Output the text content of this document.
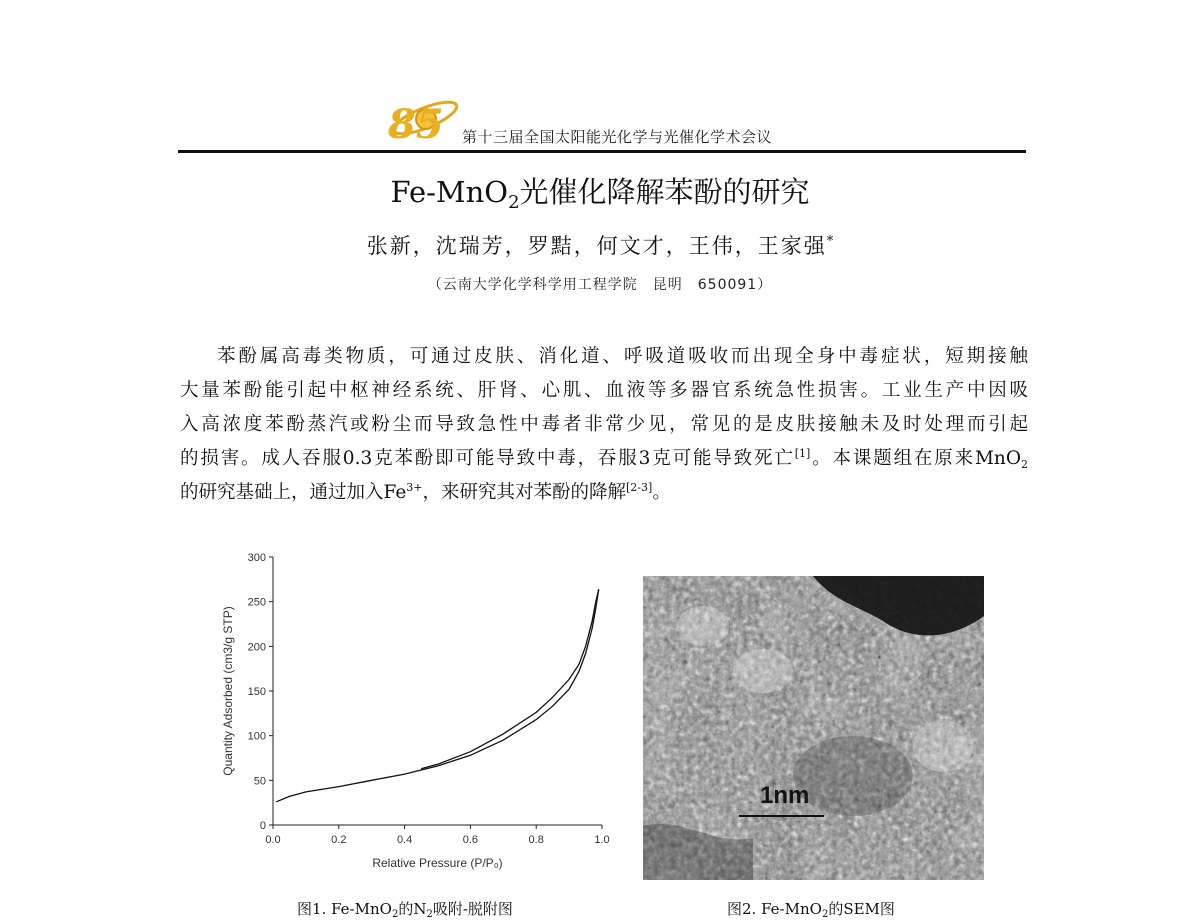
85 第十三届全国太阳能光化学与光催化学术会议
Fe-MnO$_2$光催化降解苯酚的研究
张新，沈瑞芳，罗黠，何文才，王伟，王家强*
（云南大学化学科学用工程学院　昆明　650091）
苯酚属高毒类物质，可通过皮肤、消化道、呼吸道吸收而出现全身中毒症状，短期接触
大量苯酚能引起中枢神经系统、肝肾、心肌、血液等多器官系统急性损害。工业生产中因吸
入高浓度苯酚蒸汽或粉尘而导致急性中毒者非常少见，常见的是皮肤接触未及时处理而引起
的损害。成人吞服0.3克苯酚即可能导致中毒，吞服3克可能导致死亡[1]。本课题组在原来MnO$_2$
的研究基础上，通过加入$Fe^{3+}$，来研究其对苯酚的降解[2-3]。
0
50
100
150
200
250
300
0.0	0.2	0.4	0.6	0.8	1.0
Relative Pressure (P/P₀)
Quantity Adsorbed (cm3/g STP)
1nm
图1. Fe-MnO$_2$的$N_2$吸附-脱附图	图2. Fe-MnO$_2$的SEM图
